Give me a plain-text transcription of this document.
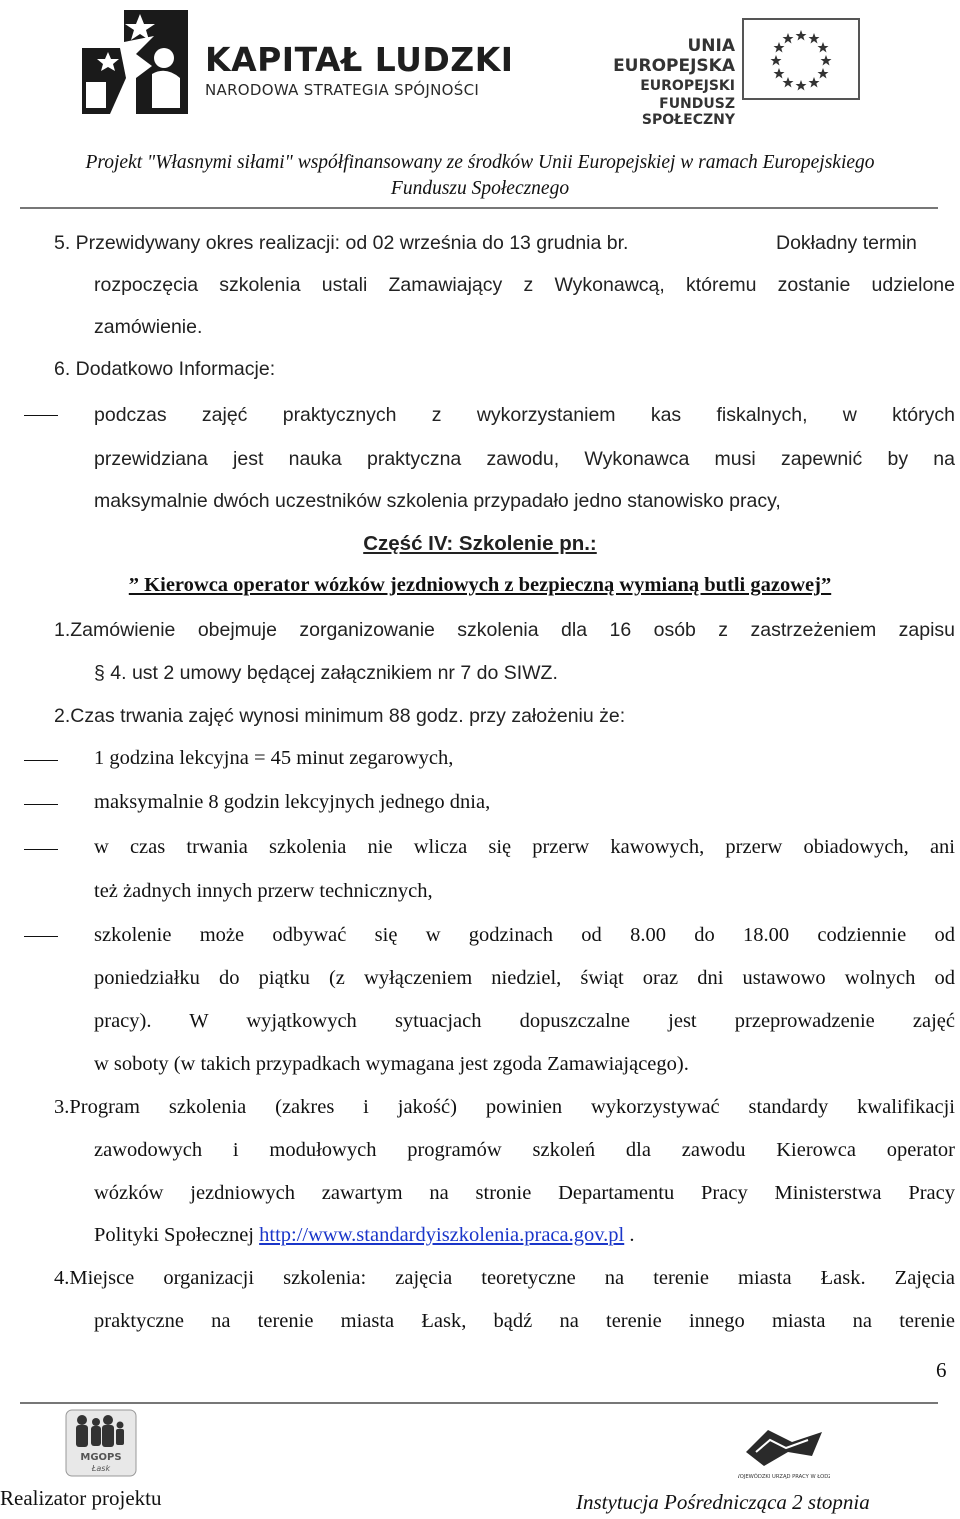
KAPITAŁ LUDZKI
NARODOWA STRATEGIA SPÓJNOŚCI
UNIA EUROPEJSKA
EUROPEJSKI
FUNDUSZ SPOŁECZNY
Projekt "Własnymi siłami" współfinansowany ze środków Unii Europejskiej w ramach Europejskiego
Funduszu Społecznego
5. Przewidywany okres realizacji: od 02 września do 13 grudnia br.	Dokładny termin
rozpoczęcia szkolenia ustali Zamawiający z Wykonawcą, któremu zostanie udzielone
zamówienie.
6. Dodatkowo Informacje:
podczas zajęć praktycznych z wykorzystaniem kas fiskalnych, w których
przewidziana jest nauka praktyczna zawodu, Wykonawca musi zapewnić by na
maksymalnie dwóch uczestników szkolenia przypadało jedno stanowisko pracy,
Część IV: Szkolenie pn.:
” Kierowca operator wózków jezdniowych z bezpieczną wymianą butli gazowej”
1.Zamówienie obejmuje zorganizowanie szkolenia dla 16 osób z zastrzeżeniem zapisu
§ 4. ust 2 umowy będącej załącznikiem nr 7 do SIWZ.
2.Czas trwania zajęć wynosi minimum 88 godz. przy założeniu że:
1 godzina lekcyjna = 45 minut zegarowych,
maksymalnie 8 godzin lekcyjnych jednego dnia,
w czas trwania szkolenia nie wlicza się przerw kawowych, przerw obiadowych, ani
też żadnych innych przerw technicznych,
szkolenie może odbywać się w godzinach od 8.00 do 18.00 codziennie od
poniedziałku do piątku (z wyłączeniem niedziel, świąt oraz dni ustawowo wolnych od
pracy). W wyjątkowych sytuacjach dopuszczalne jest przeprowadzenie zajęć
w soboty (w takich przypadkach wymagana jest zgoda Zamawiającego).
3.Program szkolenia (zakres i jakość) powinien wykorzystywać standardy kwalifikacji
zawodowych i modułowych programów szkoleń dla zawodu Kierowca operator
wózków jezdniowych zawartym na stronie Departamentu Pracy Ministerstwa Pracy
Polityki Społecznej http://www.standardyiszkolenia.praca.gov.pl .
4.Miejsce organizacji szkolenia: zajęcia teoretyczne na terenie miasta Łask. Zajęcia
praktyczne na terenie miasta Łask, bądź na terenie innego miasta na terenie
6
MGOPS
Łask
WOJEWÓDZKI URZĄD PRACY W ŁODZI
Realizator projektu	Instytucja Pośrednicząca 2 stopnia
